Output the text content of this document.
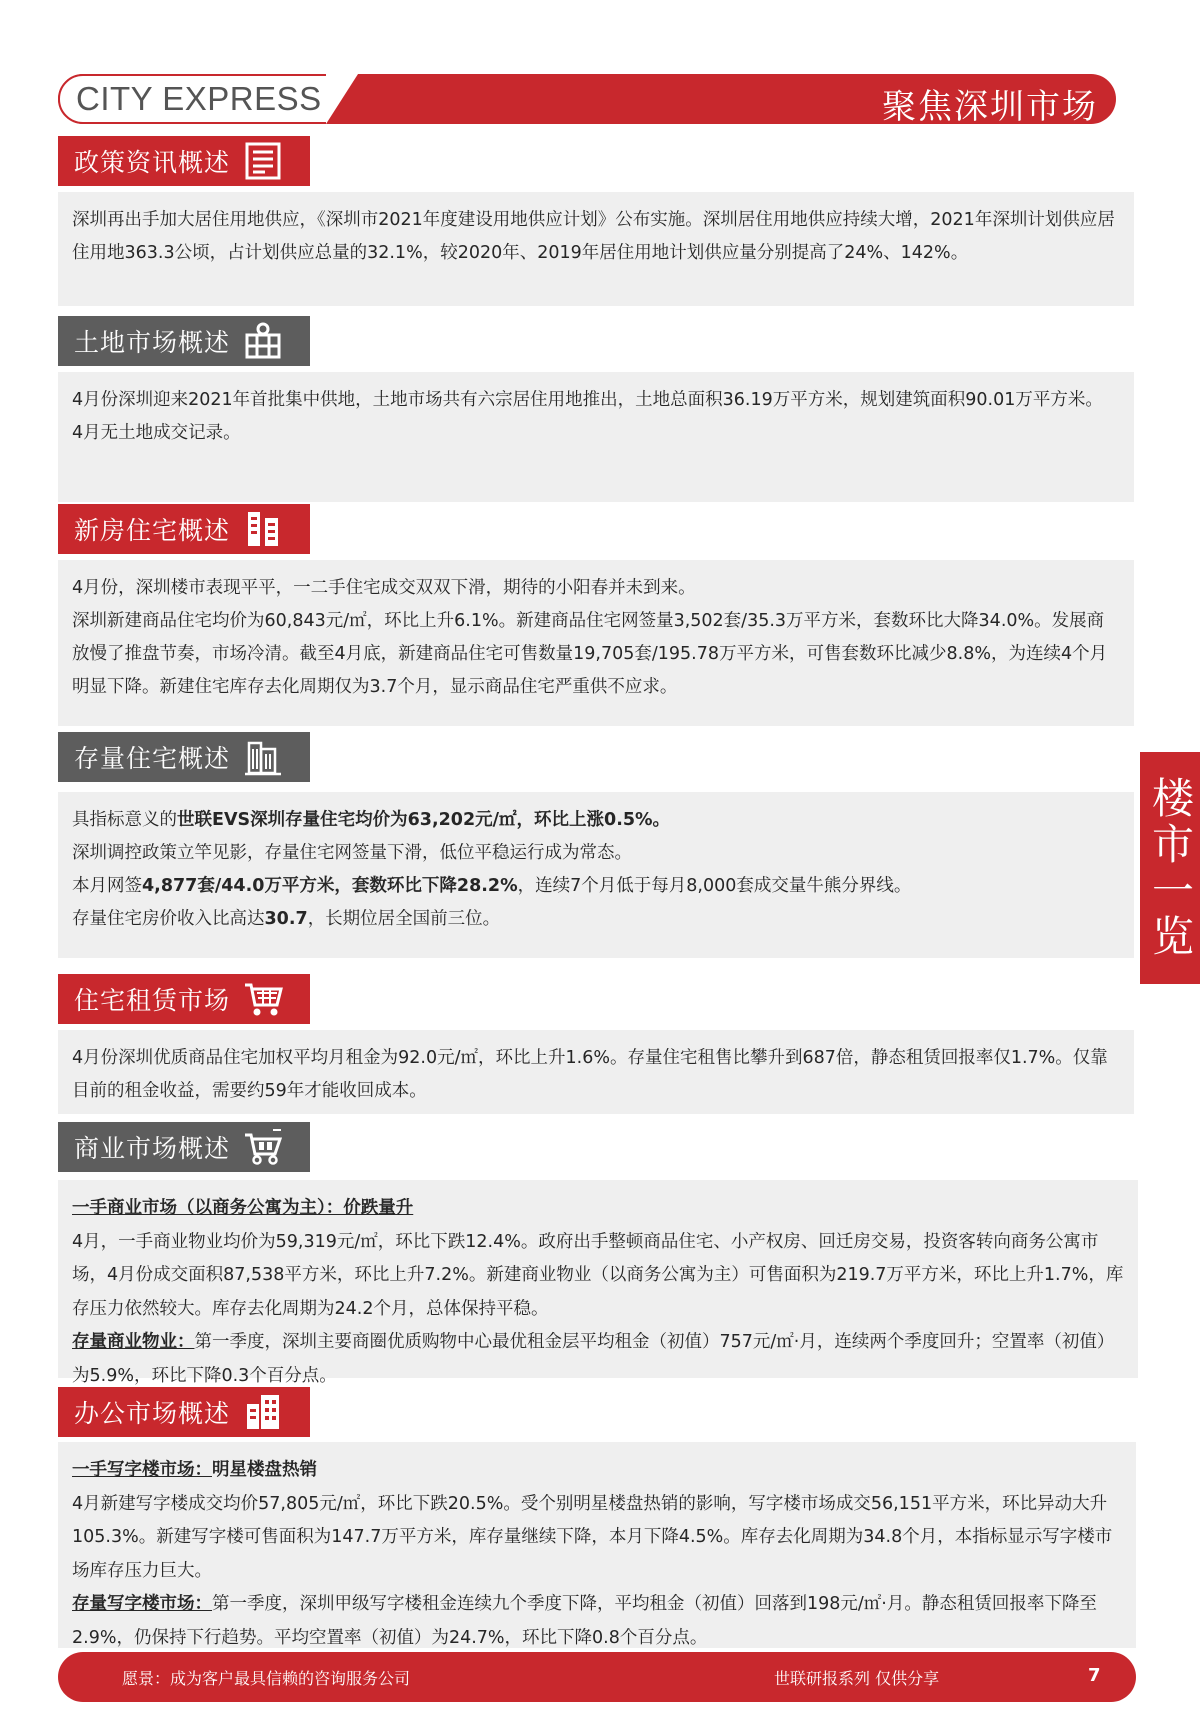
CITY EXPRESS	聚焦深圳市场
政策资讯概述

深圳再出手加大居住用地供应，《深圳市2021年度建设用地供应计划》公布实施。深圳居住用地供应持续大增，2021年深圳计划供应居住用地363.3公顷，占计划供应总量的32.1%，较2020年、2019年居住用地计划供应量分别提高了24%、142%。

土地市场概述

4月份深圳迎来2021年首批集中供地，土地市场共有六宗居住用地推出，土地总面积36.19万平方米，规划建筑面积90.01万平方米。

4月无土地成交记录。

新房住宅概述

4月份，深圳楼市表现平平，一二手住宅成交双双下滑，期待的小阳春并未到来。

深圳新建商品住宅均价为60,843元/㎡，环比上升6.1%。新建商品住宅网签量3,502套/35.3万平方米，套数环比大降34.0%。发展商放慢了推盘节奏，市场冷清。截至4月底，新建商品住宅可售数量19,705套/195.78万平方米，可售套数环比减少8.8%，为连续4个月明显下降。新建住宅库存去化周期仅为3.7个月，显示商品住宅严重供不应求。

存量住宅概述

具指标意义的世联EVS深圳存量住宅均价为63,202元/㎡，环比上涨0.5%。

深圳调控政策立竿见影，存量住宅网签量下滑，低位平稳运行成为常态。

本月网签4,877套/44.0万平方米，套数环比下降28.2%，连续7个月低于每月8,000套成交量牛熊分界线。

存量住宅房价收入比高达30.7，长期位居全国前三位。

住宅租赁市场

4月份深圳优质商品住宅加权平均月租金为92.0元/㎡，环比上升1.6%。存量住宅租售比攀升到687倍，静态租赁回报率仅1.7%。仅靠目前的租金收益，需要约59年才能收回成本。

商业市场概述

一手商业市场（以商务公寓为主）：价跌量升

4月，一手商业物业均价为59,319元/㎡，环比下跌12.4%。政府出手整顿商品住宅、小产权房、回迁房交易，投资客转向商务公寓市场，4月份成交面积87,538平方米，环比上升7.2%。新建商业物业（以商务公寓为主）可售面积为219.7万平方米，环比上升1.7%，库存压力依然较大。库存去化周期为24.2个月，总体保持平稳。

存量商业物业：第一季度，深圳主要商圈优质购物中心最优租金层平均租金（初值）757元/㎡·月，连续两个季度回升；空置率（初值）为5.9%，环比下降0.3个百分点。

办公市场概述

一手写字楼市场：明星楼盘热销

4月新建写字楼成交均价57,805元/㎡，环比下跌20.5%。受个别明星楼盘热销的影响，写字楼市场成交56,151平方米，环比异动大升105.3%。新建写字楼可售面积为147.7万平方米，库存量继续下降，本月下降4.5%。库存去化周期为34.8个月，本指标显示写字楼市场库存压力巨大。

存量写字楼市场：第一季度，深圳甲级写字楼租金连续九个季度下降，平均租金（初值）回落到198元/㎡·月。静态租赁回报率下降至2.9%，仍保持下行趋势。平均空置率（初值）为24.7%，环比下降0.8个百分点。

楼市一览
愿景：成为客户最具信赖的咨询服务公司	世联研报系列 仅供分享	7
